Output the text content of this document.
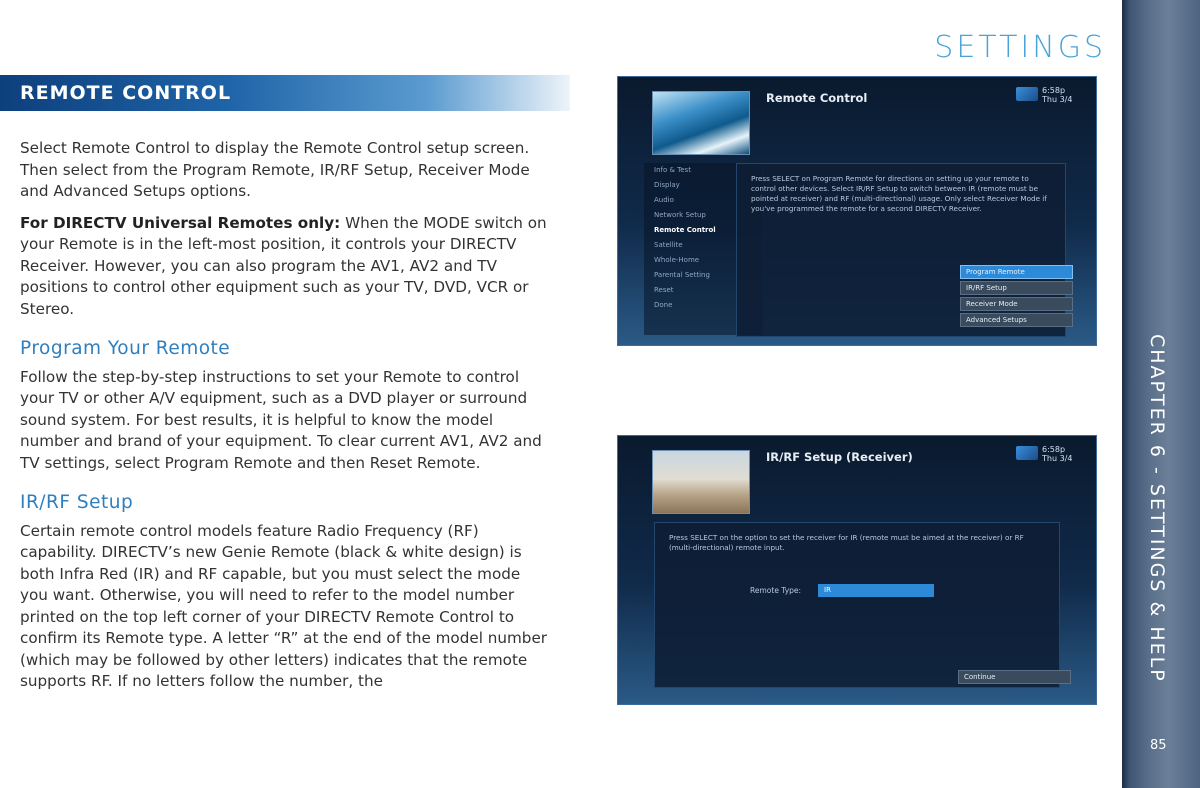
SETTINGS
REMOTE CONTROL

Select Remote Control to display the Remote Control setup screen. Then select from the Program Remote, IR/RF Setup, Receiver Mode and Advanced Setups options.

For DIRECTV Universal Remotes only: When the MODE switch on your Remote is in the left-most position, it controls your DIRECTV Receiver. However, you can also program the AV1, AV2 and TV positions to control other equipment such as your TV, DVD, VCR or Stereo.

Program Your Remote

Follow the step-by-step instructions to set your Remote to control your TV or other A/V equipment, such as a DVD player or surround sound system. For best results, it is helpful to know the model number and brand of your equipment. To clear current AV1, AV2 and TV settings, select Program Remote and then Reset Remote.

IR/RF Setup

Certain remote control models feature Radio Frequency (RF) capability. DIRECTV’s new Genie Remote (black & white design) is both Infra Red (IR) and RF capable, but you must select the mode you want. Otherwise, you will need to refer to the model number printed on the top left corner of your DIRECTV Remote Control to confirm its Remote type. A letter “R” at the end of the model number (which may be followed by other letters) indicates that the remote supports RF. If no letters follow the number, the

Remote Control
6:58p
Thu 3/4
Info & Test
Display
Audio
Network Setup
Remote Control
Satellite
Whole-Home
Parental Setting
Reset
Done
Press SELECT on Program Remote for directions on setting up your remote to control other devices. Select IR/RF Setup to switch between IR (remote must be pointed at receiver) and RF (multi-directional) usage. Only select Receiver Mode if you've programmed the remote for a second DIRECTV Receiver.
Program Remote
IR/RF Setup
Receiver Mode
Advanced Setups
IR/RF Setup (Receiver)
6:58p
Thu 3/4
Press SELECT on the option to set the receiver for IR (remote must be aimed at the receiver) or RF (multi-directional) remote input.
Remote Type:	IR
Continue	CHAPTER 6 - SETTINGS & HELP
85
